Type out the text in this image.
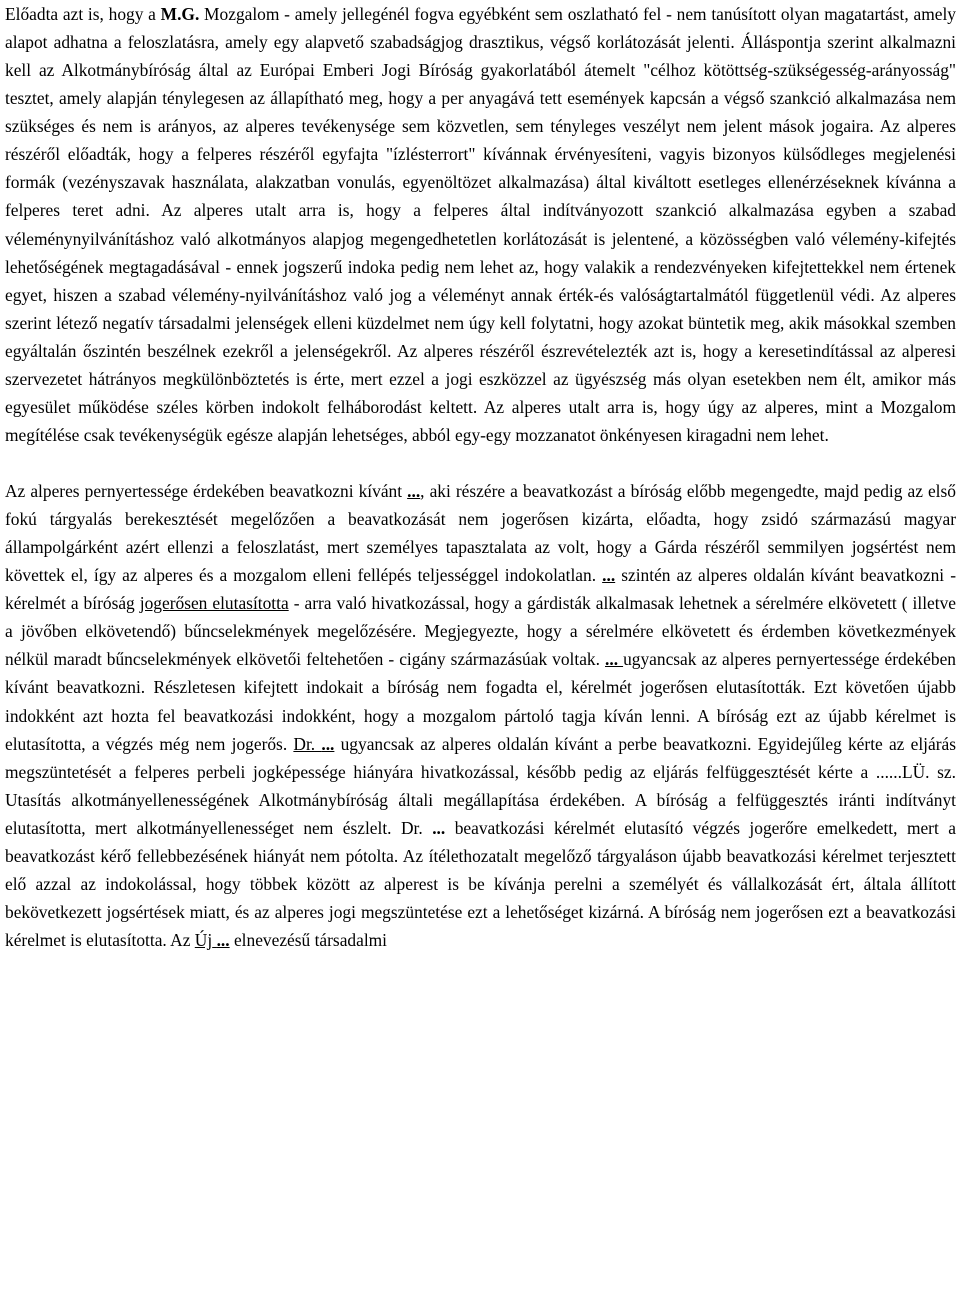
Előadta azt is, hogy a M.G. Mozgalom - amely jellegénél fogva egyébként sem oszlatható fel - nem tanúsított olyan magatartást, amely alapot adhatna a feloszlatásra, amely egy alapvető szabadságjog drasztikus, végső korlátozását jelenti. Álláspontja szerint alkalmazni kell az Alkotmánybíróság által az Európai Emberi Jogi Bíróság gyakorlatából átemelt "célhoz kötöttség-szükségesség-arányosság" tesztet, amely alapján ténylegesen az állapítható meg, hogy a per anyagává tett események kapcsán a végső szankció alkalmazása nem szükséges és nem is arányos, az alperes tevékenysége sem közvetlen, sem tényleges veszélyt nem jelent mások jogaira. Az alperes részéről előadták, hogy a felperes részéről egyfajta "ízlésterrort" kívánnak érvényesíteni, vagyis bizonyos külsődleges megjelenési formák (vezényszavak használata, alakzatban vonulás, egyenöltözet alkalmazása) által kiváltott esetleges ellenérzéseknek kívánna a felperes teret adni. Az alperes utalt arra is, hogy a felperes által indítványozott szankció alkalmazása egyben a szabad véleménynyilvánításhoz való alkotmányos alapjog megengedhetetlen korlátozását is jelentené, a közösségben való vélemény-kifejtés lehetőségének megtagadásával - ennek jogszerű indoka pedig nem lehet az, hogy valakik a rendezvényeken kifejtettekkel nem értenek egyet, hiszen a szabad vélemény-nyilvánításhoz való jog a véleményt annak érték-és valóságtartalmától függetlenül védi. Az alperes szerint létező negatív társadalmi jelenségek elleni küzdelmet nem úgy kell folytatni, hogy azokat büntetik meg, akik másokkal szemben egyáltalán őszintén beszélnek ezekről a jelenségekről. Az alperes részéről észrevételezték azt is, hogy a keresetindítással az alperesi szervezetet hátrányos megkülönböztetés is érte, mert ezzel a jogi eszközzel az ügyészség más olyan esetekben nem élt, amikor más egyesület működése széles körben indokolt felháborodást keltett. Az alperes utalt arra is, hogy úgy az alperes, mint a Mozgalom megítélése csak tevékenységük egésze alapján lehetséges, abból egy-egy mozzanatot önkényesen kiragadni nem lehet.

Az alperes pernyertessége érdekében beavatkozni kívánt ..., aki részére a beavatkozást a bíróság előbb megengedte, majd pedig az első fokú tárgyalás berekesztését megelőzően a beavatkozását nem jogerősen kizárta, előadta, hogy zsidó származású magyar állampolgárként azért ellenzi a feloszlatást, mert személyes tapasztalata az volt, hogy a Gárda részéről semmilyen jogsértést nem követtek el, így az alperes és a mozgalom elleni fellépés teljességgel indokolatlan. ... szintén az alperes oldalán kívánt beavatkozni - kérelmét a bíróság jogerősen elutasította - arra való hivatkozással, hogy a gárdisták alkalmasak lehetnek a sérelmére elkövetett ( illetve a jövőben elkövetendő) bűncselekmények megelőzésére. Megjegyezte, hogy a sérelmére elkövetett és érdemben következmények nélkül maradt bűncselekmények elkövetői feltehetően - cigány származásúak voltak. ... ugyancsak az alperes pernyertessége érdekében kívánt beavatkozni. Részletesen kifejtett indokait a bíróság nem fogadta el, kérelmét jogerősen elutasították. Ezt követően újabb indokként azt hozta fel beavatkozási indokként, hogy a mozgalom pártoló tagja kíván lenni. A bíróság ezt az újabb kérelmet is elutasította, a végzés még nem jogerős. Dr. ... ugyancsak az alperes oldalán kívánt a perbe beavatkozni. Egyidejűleg kérte az eljárás megszüntetését a felperes perbeli jogképessége hiányára hivatkozással, később pedig az eljárás felfüggesztését kérte a ......LÜ. sz. Utasítás alkotmányellenességének Alkotmánybíróság általi megállapítása érdekében. A bíróság a felfüggesztés iránti indítványt elutasította, mert alkotmányellenességet nem észlelt. Dr. ... beavatkozási kérelmét elutasító végzés jogerőre emelkedett, mert a beavatkozást kérő fellebbezésének hiányát nem pótolta. Az ítélethozatalt megelőző tárgyaláson újabb beavatkozási kérelmet terjesztett elő azzal az indokolással, hogy többek között az alperest is be kívánja perelni a személyét és vállalkozását ért, általa állított bekövetkezett jogsértések miatt, és az alperes jogi megszüntetése ezt a lehetőséget kizárná. A bíróság nem jogerősen ezt a beavatkozási kérelmet is elutasította. Az Új ... elnevezésű társadalmi
